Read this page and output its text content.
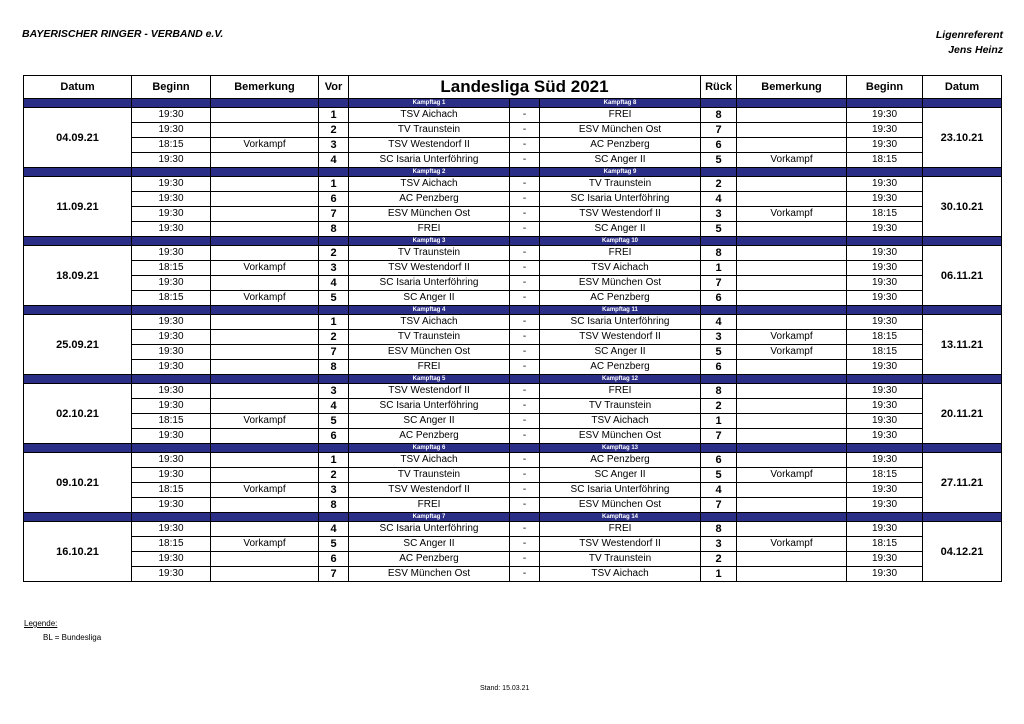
BAYERISCHER RINGER - VERBAND e.V.	Ligenreferent
Jens Heinz
Datum	Beginn	Bemerkung	Vor	Landesliga Süd 2021			Rück	Bemerkung	Beginn	Datum
				Kampftag 1		Kampftag 8				
04.09.21	19:30		1	TSV Aichach	-	FREI	8		19:30	23.10.21
	19:30		2	TV Traunstein	-	ESV München Ost	7		19:30	
	18:15	Vorkampf	3	TSV Westendorf II	-	AC Penzberg	6		19:30	
	19:30		4	SC Isaria Unterföhring	-	SC Anger II	5	Vorkampf	18:15	
				Kampftag 2		Kampftag 9				
11.09.21	19:30		1	TSV Aichach	-	TV Traunstein	2		19:30	30.10.21
	19:30		6	AC Penzberg	-	SC Isaria Unterföhring	4		19:30	
	19:30		7	ESV München Ost	-	TSV Westendorf II	3	Vorkampf	18:15	
	19:30		8	FREI	-	SC Anger II	5		19:30	
				Kampftag 3		Kampftag 10				
18.09.21	19:30		2	TV Traunstein	-	FREI	8		19:30	06.11.21
	18:15	Vorkampf	3	TSV Westendorf II	-	TSV Aichach	1		19:30	
	19:30		4	SC Isaria Unterföhring	-	ESV München Ost	7		19:30	
	18:15	Vorkampf	5	SC Anger II	-	AC Penzberg	6		19:30	
				Kampftag 4		Kampftag 11				
25.09.21	19:30		1	TSV Aichach	-	SC Isaria Unterföhring	4		19:30	13.11.21
	19:30		2	TV Traunstein	-	TSV Westendorf II	3	Vorkampf	18:15	
	19:30		7	ESV München Ost	-	SC Anger II	5	Vorkampf	18:15	
	19:30		8	FREI	-	AC Penzberg	6		19:30	
				Kampftag 5		Kampftag 12				
02.10.21	19:30		3	TSV Westendorf II	-	FREI	8		19:30	20.11.21
	19:30		4	SC Isaria Unterföhring	-	TV Traunstein	2		19:30	
	18:15	Vorkampf	5	SC Anger II	-	TSV Aichach	1		19:30	
	19:30		6	AC Penzberg	-	ESV München Ost	7		19:30	
				Kampftag 6		Kampftag 13				
09.10.21	19:30		1	TSV Aichach	-	AC Penzberg	6		19:30	27.11.21
	19:30		2	TV Traunstein	-	SC Anger II	5	Vorkampf	18:15	
	18:15	Vorkampf	3	TSV Westendorf II	-	SC Isaria Unterföhring	4		19:30	
	19:30		8	FREI	-	ESV München Ost	7		19:30	
				Kampftag 7		Kampftag 14				
16.10.21	19:30		4	SC Isaria Unterföhring	-	FREI	8		19:30	04.12.21
	18:15	Vorkampf	5	SC Anger II	-	TSV Westendorf II	3	Vorkampf	18:15	
	19:30		6	AC Penzberg	-	TV Traunstein	2		19:30	
	19:30		7	ESV München Ost	-	TSV Aichach	1		19:30	
Legende:
BL = Bundesliga
Stand: 15.03.21
